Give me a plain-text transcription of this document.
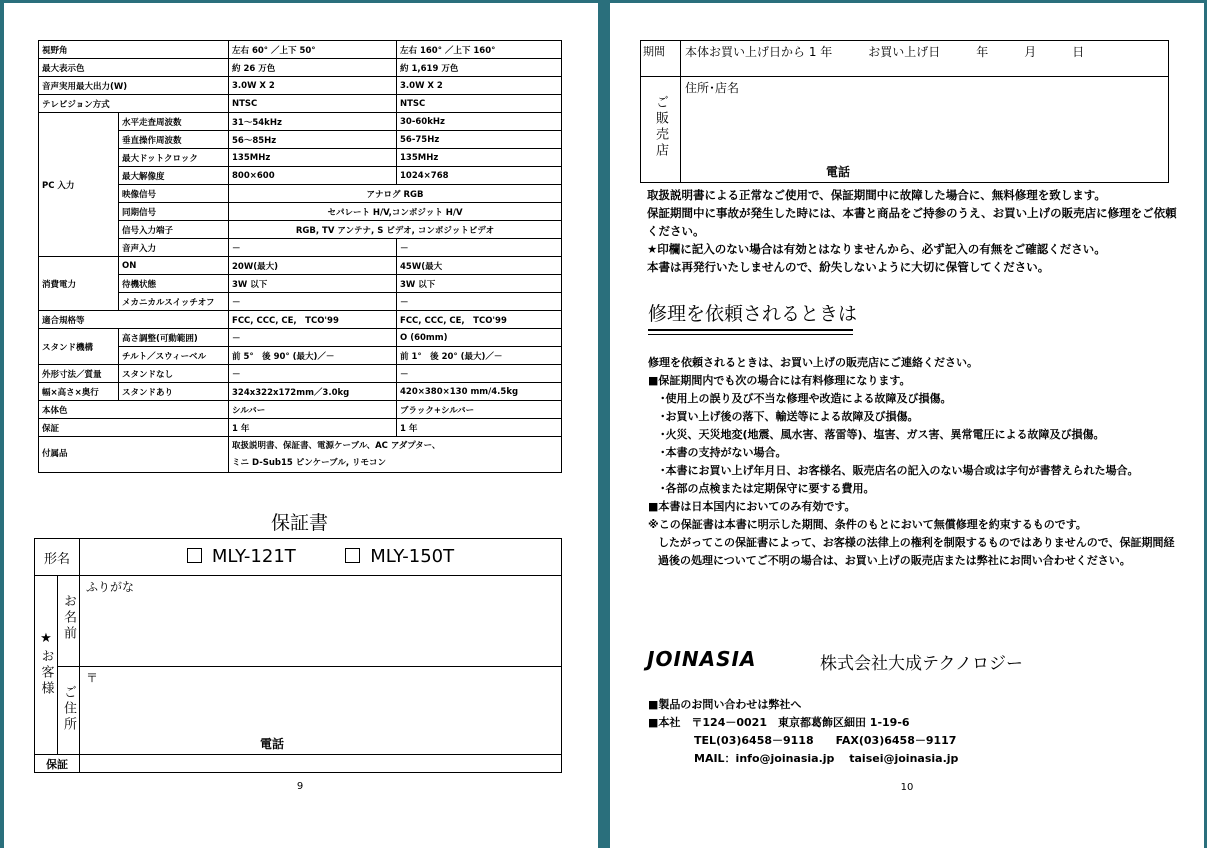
視野角		左右 60° ／上下 50°	左右 160° ／上下 160°
最大表示色		約 26 万色	約 1,619 万色
音声実用最大出力(W)		3.0W X 2	3.0W X 2
テレビジョン方式		NTSC	NTSC
PC 入力	水平走査周波数	31～54kHz	30-60kHz
	垂直操作周波数	56～85Hz	56-75Hz
	最大ドットクロック	135MHz	135MHz
	最大解像度	800×600	1024×768
	映像信号	アナログ RGB	
	同期信号	セパレート H/V,コンポジット H/V	
	信号入力端子	RGB, TV アンテナ, S ビデオ, コンポジットビデオ	
	音声入力	－	－
消費電力	ON	20W(最大)	45W(最大
	待機状態	3W 以下	3W 以下
	メカニカルスイッチオフ	－	－
適合規格等		FCC, CCC, CE,　TCO'99	FCC, CCC, CE,　TCO'99
スタンド機構	高さ調整(可動範囲)	－	O (60mm)
	チルト／スウィーベル	前 5°　後 90° (最大)／－	前 1°　後 20° (最大)／－
外形寸法／質量	スタンドなし	－	－
幅×高さ×奥行	スタンドあり	324x322x172mm／3.0kg	420×380×130 mm/4.5kg
本体色		シルバー	ブラック+シルバー
保証		1 年	1 年
付属品		取扱説明書、保証書、電源ケーブル、AC アダプター、
ミニ D-Sub15 ピンケーブル, リモコン	
保証書
形名		MLY-121T MLY-150T
★お客様	お名前	ふりがな
	ご住所	〒
電話

保証		
9
期間	本体お買い上げ日から 1 年　　　お買い上げ日　　　年　　　月　　　日
ご販売店	住所･店名
電話
取扱説明書による正常なご使用で、保証期間中に故障した場合に、無料修理を致します。
保証期間中に事故が発生した時には、本書と商品をご持参のうえ、お買い上げの販売店に修理をご依頼ください。
★印欄に記入のない場合は有効とはなりませんから、必ず記入の有無をご確認ください。
本書は再発行いたしませんので、紛失しないように大切に保管してください。
修理を依頼されるときは
修理を依頼されるときは、お買い上げの販売店にご連絡ください。
■保証期間内でも次の場合には有料修理になります。
･使用上の誤り及び不当な修理や改造による故障及び損傷。
･お買い上げ後の落下、輸送等による故障及び損傷。
･火災、天災地変(地震、風水害、落雷等)、塩害、ガス害、異常電圧による故障及び損傷。
･本書の支持がない場合。
･本書にお買い上げ年月日、お客様名、販売店名の記入のない場合或は字句が書替えられた場合。
･各部の点検または定期保守に要する費用。
■本書は日本国内においてのみ有効です。
※この保証書は本書に明示した期間、条件のもとにおいて無償修理を約束するものです。
したがってこの保証書によって、お客様の法律上の権利を制限するものではありませんので、保証期間経過後の処理についてご不明の場合は、お買い上げの販売店または弊社にお問い合わせください。
JOINASIA	株式会社大成テクノロジー
■製品のお問い合わせは弊社へ
■本社　〒124－0021　東京都葛飾区細田 1-19-6
TEL(03)6458－9118　　FAX(03)6458－9117
MAIL：info@joinasia.jp　 taisei@joinasia.jp
10
